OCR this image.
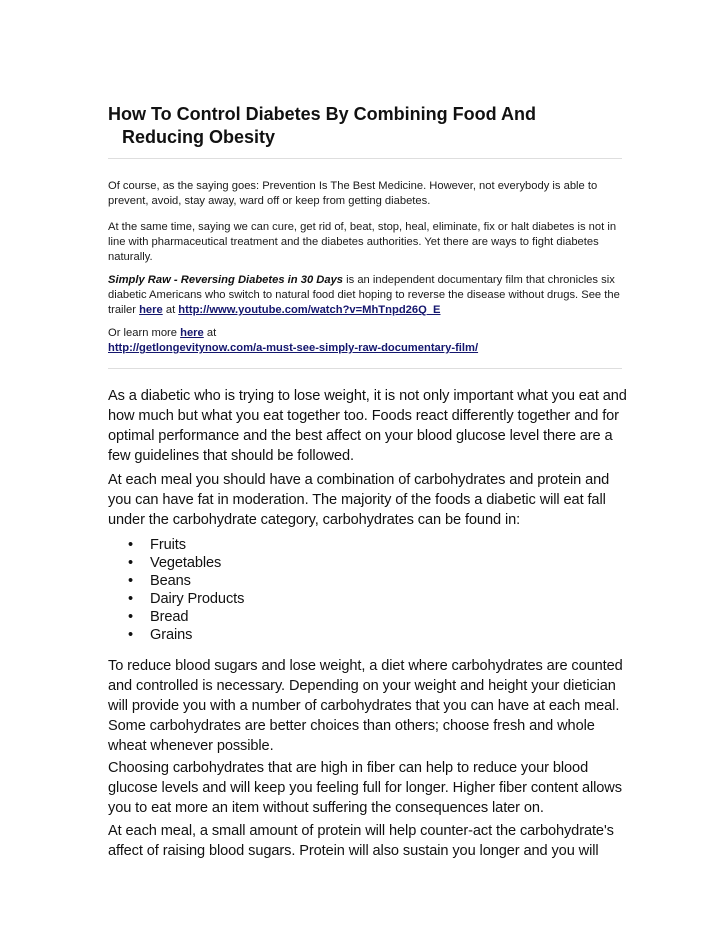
How To Control Diabetes By Combining Food And
Reducing Obesity

Of course, as the saying goes: Prevention Is The Best Medicine. However, not everybody is able to prevent, avoid, stay away, ward off or keep from getting diabetes.

At the same time, saying we can cure, get rid of, beat, stop, heal, eliminate, fix or halt diabetes is not in line with pharmaceutical treatment and the diabetes authorities. Yet there are ways to fight diabetes naturally.

Simply Raw - Reversing Diabetes in 30 Days is an independent documentary film that chronicles six diabetic Americans who switch to natural food diet hoping to reverse the disease without drugs. See the trailer here at http://www.youtube.com/watch?v=MhTnpd26Q_E

Or learn more here at
http://getlongevitynow.com/a-must-see-simply-raw-documentary-film/

As a diabetic who is trying to lose weight, it is not only important what you eat and how much but what you eat together too. Foods react differently together and for optimal performance and the best affect on your blood glucose level there are a few guidelines that should be followed.

At each meal you should have a combination of carbohydrates and protein and you can have fat in moderation. The majority of the foods a diabetic will eat fall under the carbohydrate category, carbohydrates can be found in:

• Fruits
• Vegetables
• Beans
• Dairy Products
• Bread
• Grains

To reduce blood sugars and lose weight, a diet where carbohydrates are counted and controlled is necessary. Depending on your weight and height your dietician will provide you with a number of carbohydrates that you can have at each meal. Some carbohydrates are better choices than others; choose fresh and whole wheat whenever possible.

Choosing carbohydrates that are high in fiber can help to reduce your blood glucose levels and will keep you feeling full for longer. Higher fiber content allows you to eat more an item without suffering the consequences later on.

At each meal, a small amount of protein will help counter-act the carbohydrate's affect of raising blood sugars. Protein will also sustain you longer and you will
